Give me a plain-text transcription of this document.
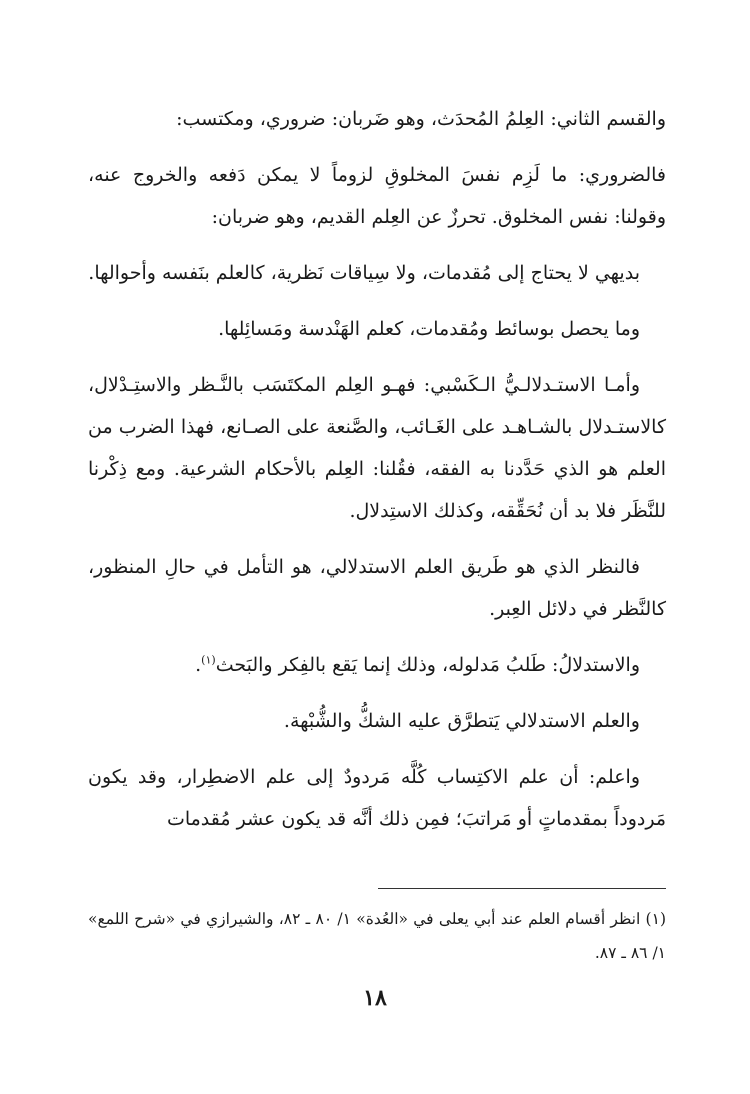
والقسم الثاني: العِلمُ المُحدَث، وهو ضَربان: ضروري، ومكتسب:

فالضروري: ما لَزِم نفسَ المخلوقِ لزوماً لا يمكن دَفعه والخروج عنه، وقولنا: نفس المخلوق. تحرزٌ عن العِلم القديم، وهو ضربان:

بديهي لا يحتاج إلى مُقدمات، ولا سِياقات نَظرية، كالعلم بنَفسه وأحوالها.

وما يحصل بوسائط ومُقدمات، كعلم الهَنْدسة ومَسائِلها.

وأمـا الاستـدلالـيُّ الـكَسْبي: فهـو العِلم المكتَسَب بالنَّـظر والاستِـدْلال، كالاستـدلال بالشـاهـد على الغَـائب، والصَّنعة على الصـانع، فهذا الضرب من العلم هو الذي حَدَّدنا به الفقه، فقُلنا: العِلم بالأحكام الشرعية. ومع ذِكْرنا للنَّظَر فلا بد أن نُحَقِّقه، وكذلك الاستِدلال.

فالنظر الذي هو طَريق العلم الاستدلالي، هو التأمل في حالِ المنظور، كالنَّظر في دلائل العِبر.

والاستدلالُ: طَلبُ مَدلوله، وذلك إنما يَقع بالفِكر والبَحث$^{(١)}$.

والعلم الاستدلالي يَتطرَّق عليه الشكُّ والشُّبْهة.

واعلم: أن علم الاكتِساب كُلَّه مَردودٌ إلى علم الاضطِرار، وقد يكون مَردوداً بمقدماتٍ أو مَراتبَ؛ فمِن ذلك أنَّه قد يكون عشر مُقدمات

(١) انظر أقسام العلم عند أبي يعلى في «العُدة» ١/ ٨٠ ـ ٨٢، والشيرازي في «شرح اللمع» ١/ ٨٦ ـ ٨٧.

١٨
